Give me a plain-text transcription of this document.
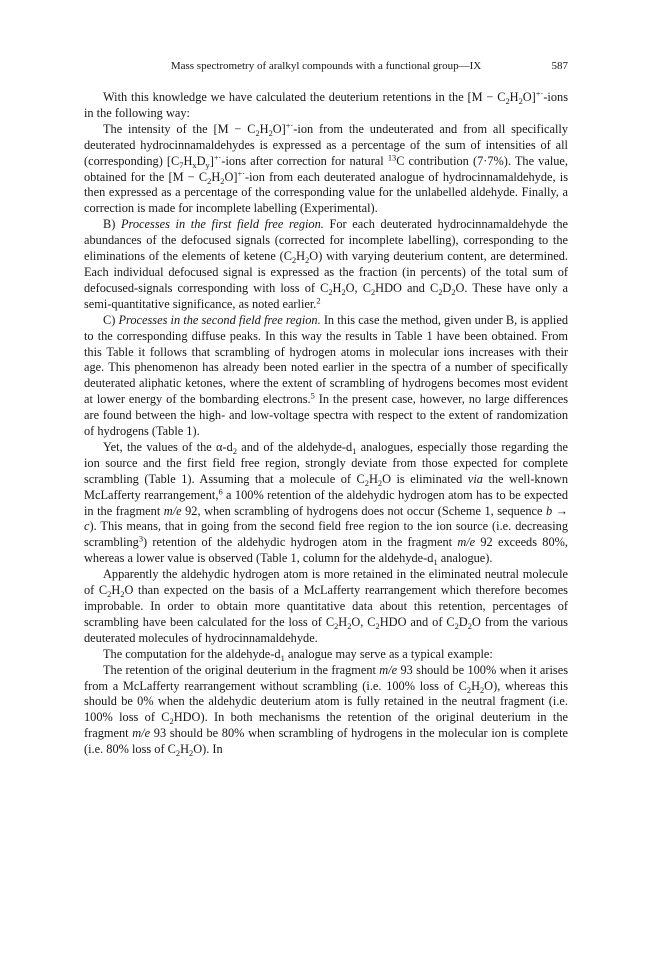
Mass spectrometry of aralkyl compounds with a functional group—IX	587

With this knowledge we have calculated the deuterium retentions in the $[M - C_2H_2O]^{+\cdot}$-ions in the following way:

The intensity of the $[M - C_2H_2O]^{+\cdot}$-ion from the undeuterated and from all specifically deuterated hydrocinnamaldehydes is expressed as a percentage of the sum of intensities of all (corresponding) $[C_7H_xD_y]^{+\cdot}$-ions after correction for natural $^{13}$C contribution (7·7%). The value, obtained for the $[M - C_2H_2O]^{+\cdot}$-ion from each deuterated analogue of hydrocinnamaldehyde, is then expressed as a percentage of the corresponding value for the unlabelled aldehyde. Finally, a correction is made for incomplete labelling (Experimental).

B) Processes in the first field free region. For each deuterated hydrocinnamaldehyde the abundances of the defocused signals (corrected for incomplete labelling), corresponding to the eliminations of the elements of ketene $(C_2H_2O)$ with varying deuterium content, are determined. Each individual defocused signal is expressed as the fraction (in percents) of the total sum of defocused-signals corresponding with loss of $C_2H_2O$, $C_2HDO$ and $C_2D_2O$. These have only a semi-quantitative significance, as noted earlier.$^2$

C) Processes in the second field free region. In this case the method, given under B, is applied to the corresponding diffuse peaks. In this way the results in Table 1 have been obtained. From this Table it follows that scrambling of hydrogen atoms in molecular ions increases with their age. This phenomenon has already been noted earlier in the spectra of a number of specifically deuterated aliphatic ketones, where the extent of scrambling of hydrogens becomes most evident at lower energy of the bombarding electrons.$^5$ In the present case, however, no large differences are found between the high- and low-voltage spectra with respect to the extent of randomization of hydrogens (Table 1).

Yet, the values of the $\alpha-d_2$ and of the aldehyde-$d_1$ analogues, especially those regarding the ion source and the first field free region, strongly deviate from those expected for complete scrambling (Table 1). Assuming that a molecule of $C_2H_2O$ is eliminated via the well-known McLafferty rearrangement,$^6$ a 100% retention of the aldehydic hydrogen atom has to be expected in the fragment m/e 92, when scrambling of hydrogens does not occur (Scheme 1, sequence b → c). This means, that in going from the second field free region to the ion source (i.e. decreasing scrambling$^3$) retention of the aldehydic hydrogen atom in the fragment m/e 92 exceeds 80%, whereas a lower value is observed (Table 1, column for the aldehyde-$d_1$ analogue).

Apparently the aldehydic hydrogen atom is more retained in the eliminated neutral molecule of $C_2H_2O$ than expected on the basis of a McLafferty rearrangement which therefore becomes improbable. In order to obtain more quantitative data about this retention, percentages of scrambling have been calculated for the loss of $C_2H_2O$, $C_2HDO$ and of $C_2D_2O$ from the various deuterated molecules of hydrocinnamaldehyde.

The computation for the aldehyde-$d_1$ analogue may serve as a typical example:

The retention of the original deuterium in the fragment m/e 93 should be 100% when it arises from a McLafferty rearrangement without scrambling (i.e. 100% loss of $C_2H_2O$), whereas this should be 0% when the aldehydic deuterium atom is fully retained in the neutral fragment (i.e. 100% loss of $C_2HDO$). In both mechanisms the retention of the original deuterium in the fragment m/e 93 should be 80% when scrambling of hydrogens in the molecular ion is complete (i.e. 80% loss of $C_2H_2O$). In
